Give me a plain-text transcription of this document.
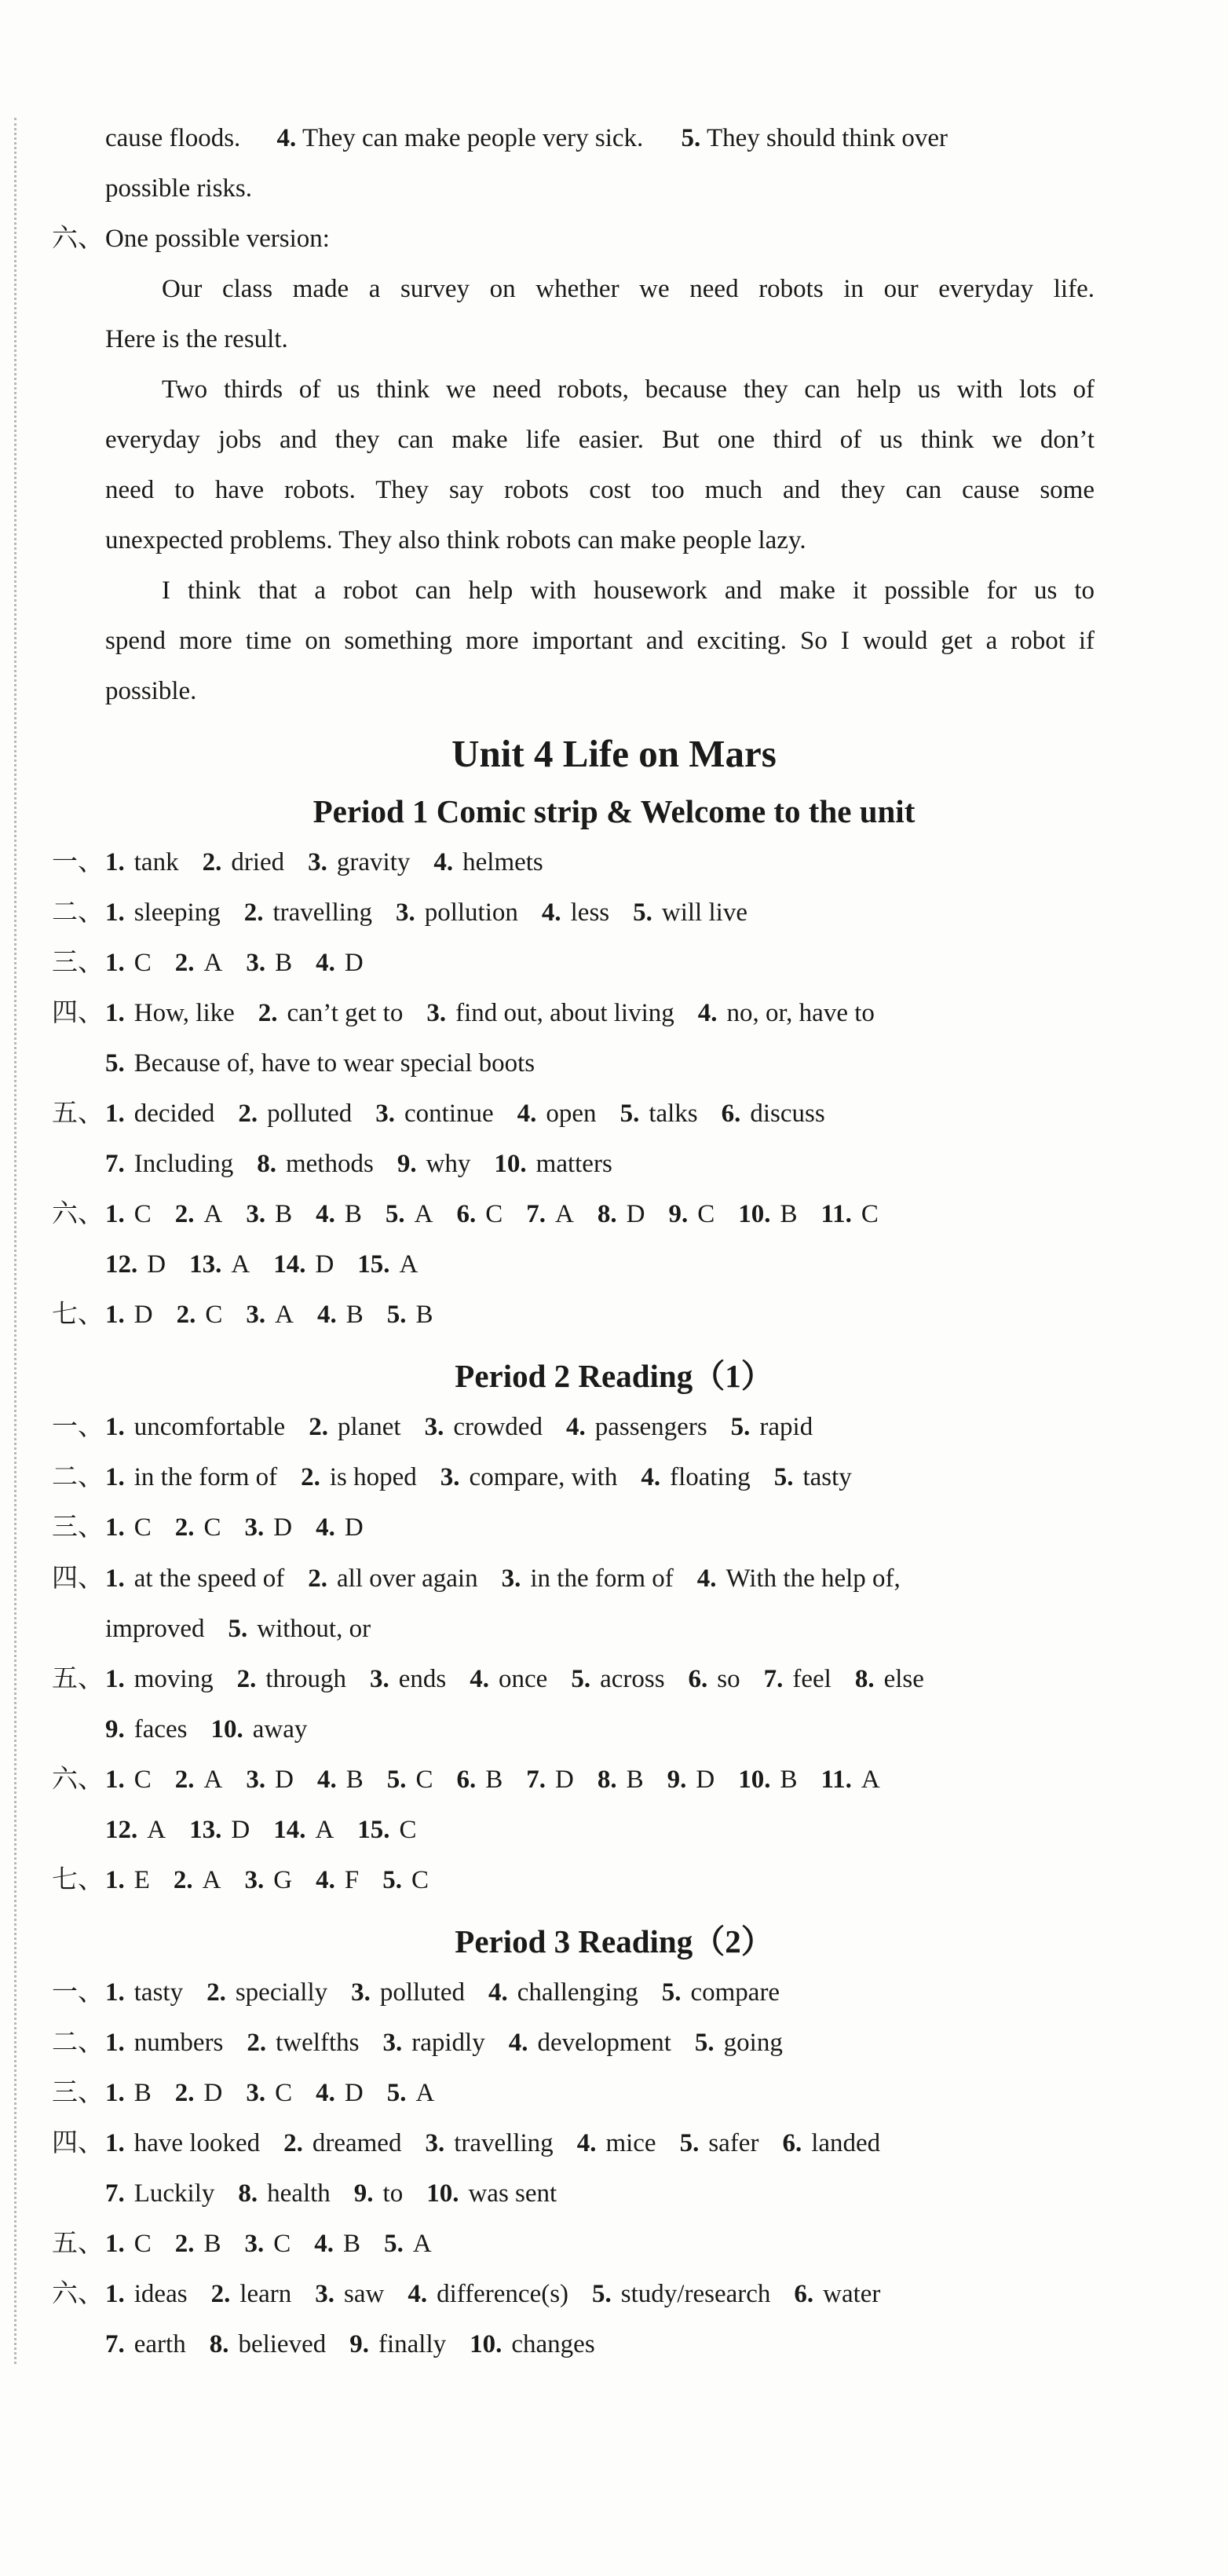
cause floods. 4. They can make people very sick. 5. They should think over
possible risks.
六、 One possible version:
Our class made a survey on whether we need robots in our everyday life.
Here is the result.
Two thirds of us think we need robots, because they can help us with lots of
everyday jobs and they can make life easier. But one third of us think we don’t
need to have robots. They say robots cost too much and they can cause some
unexpected problems. They also think robots can make people lazy.
I think that a robot can help with housework and make it possible for us to
spend more time on something more important and exciting. So I would get a robot if
possible.
Unit 4 Life on Mars
Period 1 Comic strip & Welcome to the unit
一、 1. tank 2. dried 3. gravity 4. helmets
二、 1. sleeping 2. travelling 3. pollution 4. less 5. will live
三、 1. C 2. A 3. B 4. D
四、 1. How, like 2. can’t get to 3. find out, about living 4. no, or, have to
5. Because of, have to wear special boots
五、 1. decided 2. polluted 3. continue 4. open 5. talks 6. discuss
7. Including 8. methods 9. why 10. matters
六、 1. C 2. A 3. B 4. B 5. A 6. C 7. A 8. D 9. C 10. B 11. C
12. D 13. A 14. D 15. A
七、 1. D 2. C 3. A 4. B 5. B
Period 2 Reading（1）
一、 1. uncomfortable 2. planet 3. crowded 4. passengers 5. rapid
二、 1. in the form of 2. is hoped 3. compare, with 4. floating 5. tasty
三、 1. C 2. C 3. D 4. D
四、 1. at the speed of 2. all over again 3. in the form of 4. With the help of,
improved 5. without, or
五、 1. moving 2. through 3. ends 4. once 5. across 6. so 7. feel 8. else
9. faces 10. away
六、 1. C 2. A 3. D 4. B 5. C 6. B 7. D 8. B 9. D 10. B 11. A
12. A 13. D 14. A 15. C
七、 1. E 2. A 3. G 4. F 5. C
Period 3 Reading（2）
一、 1. tasty 2. specially 3. polluted 4. challenging 5. compare
二、 1. numbers 2. twelfths 3. rapidly 4. development 5. going
三、 1. B 2. D 3. C 4. D 5. A
四、 1. have looked 2. dreamed 3. travelling 4. mice 5. safer 6. landed
7. Luckily 8. health 9. to 10. was sent
五、 1. C 2. B 3. C 4. B 5. A
六、 1. ideas 2. learn 3. saw 4. difference(s) 5. study/research 6. water
7. earth 8. believed 9. finally 10. changes
